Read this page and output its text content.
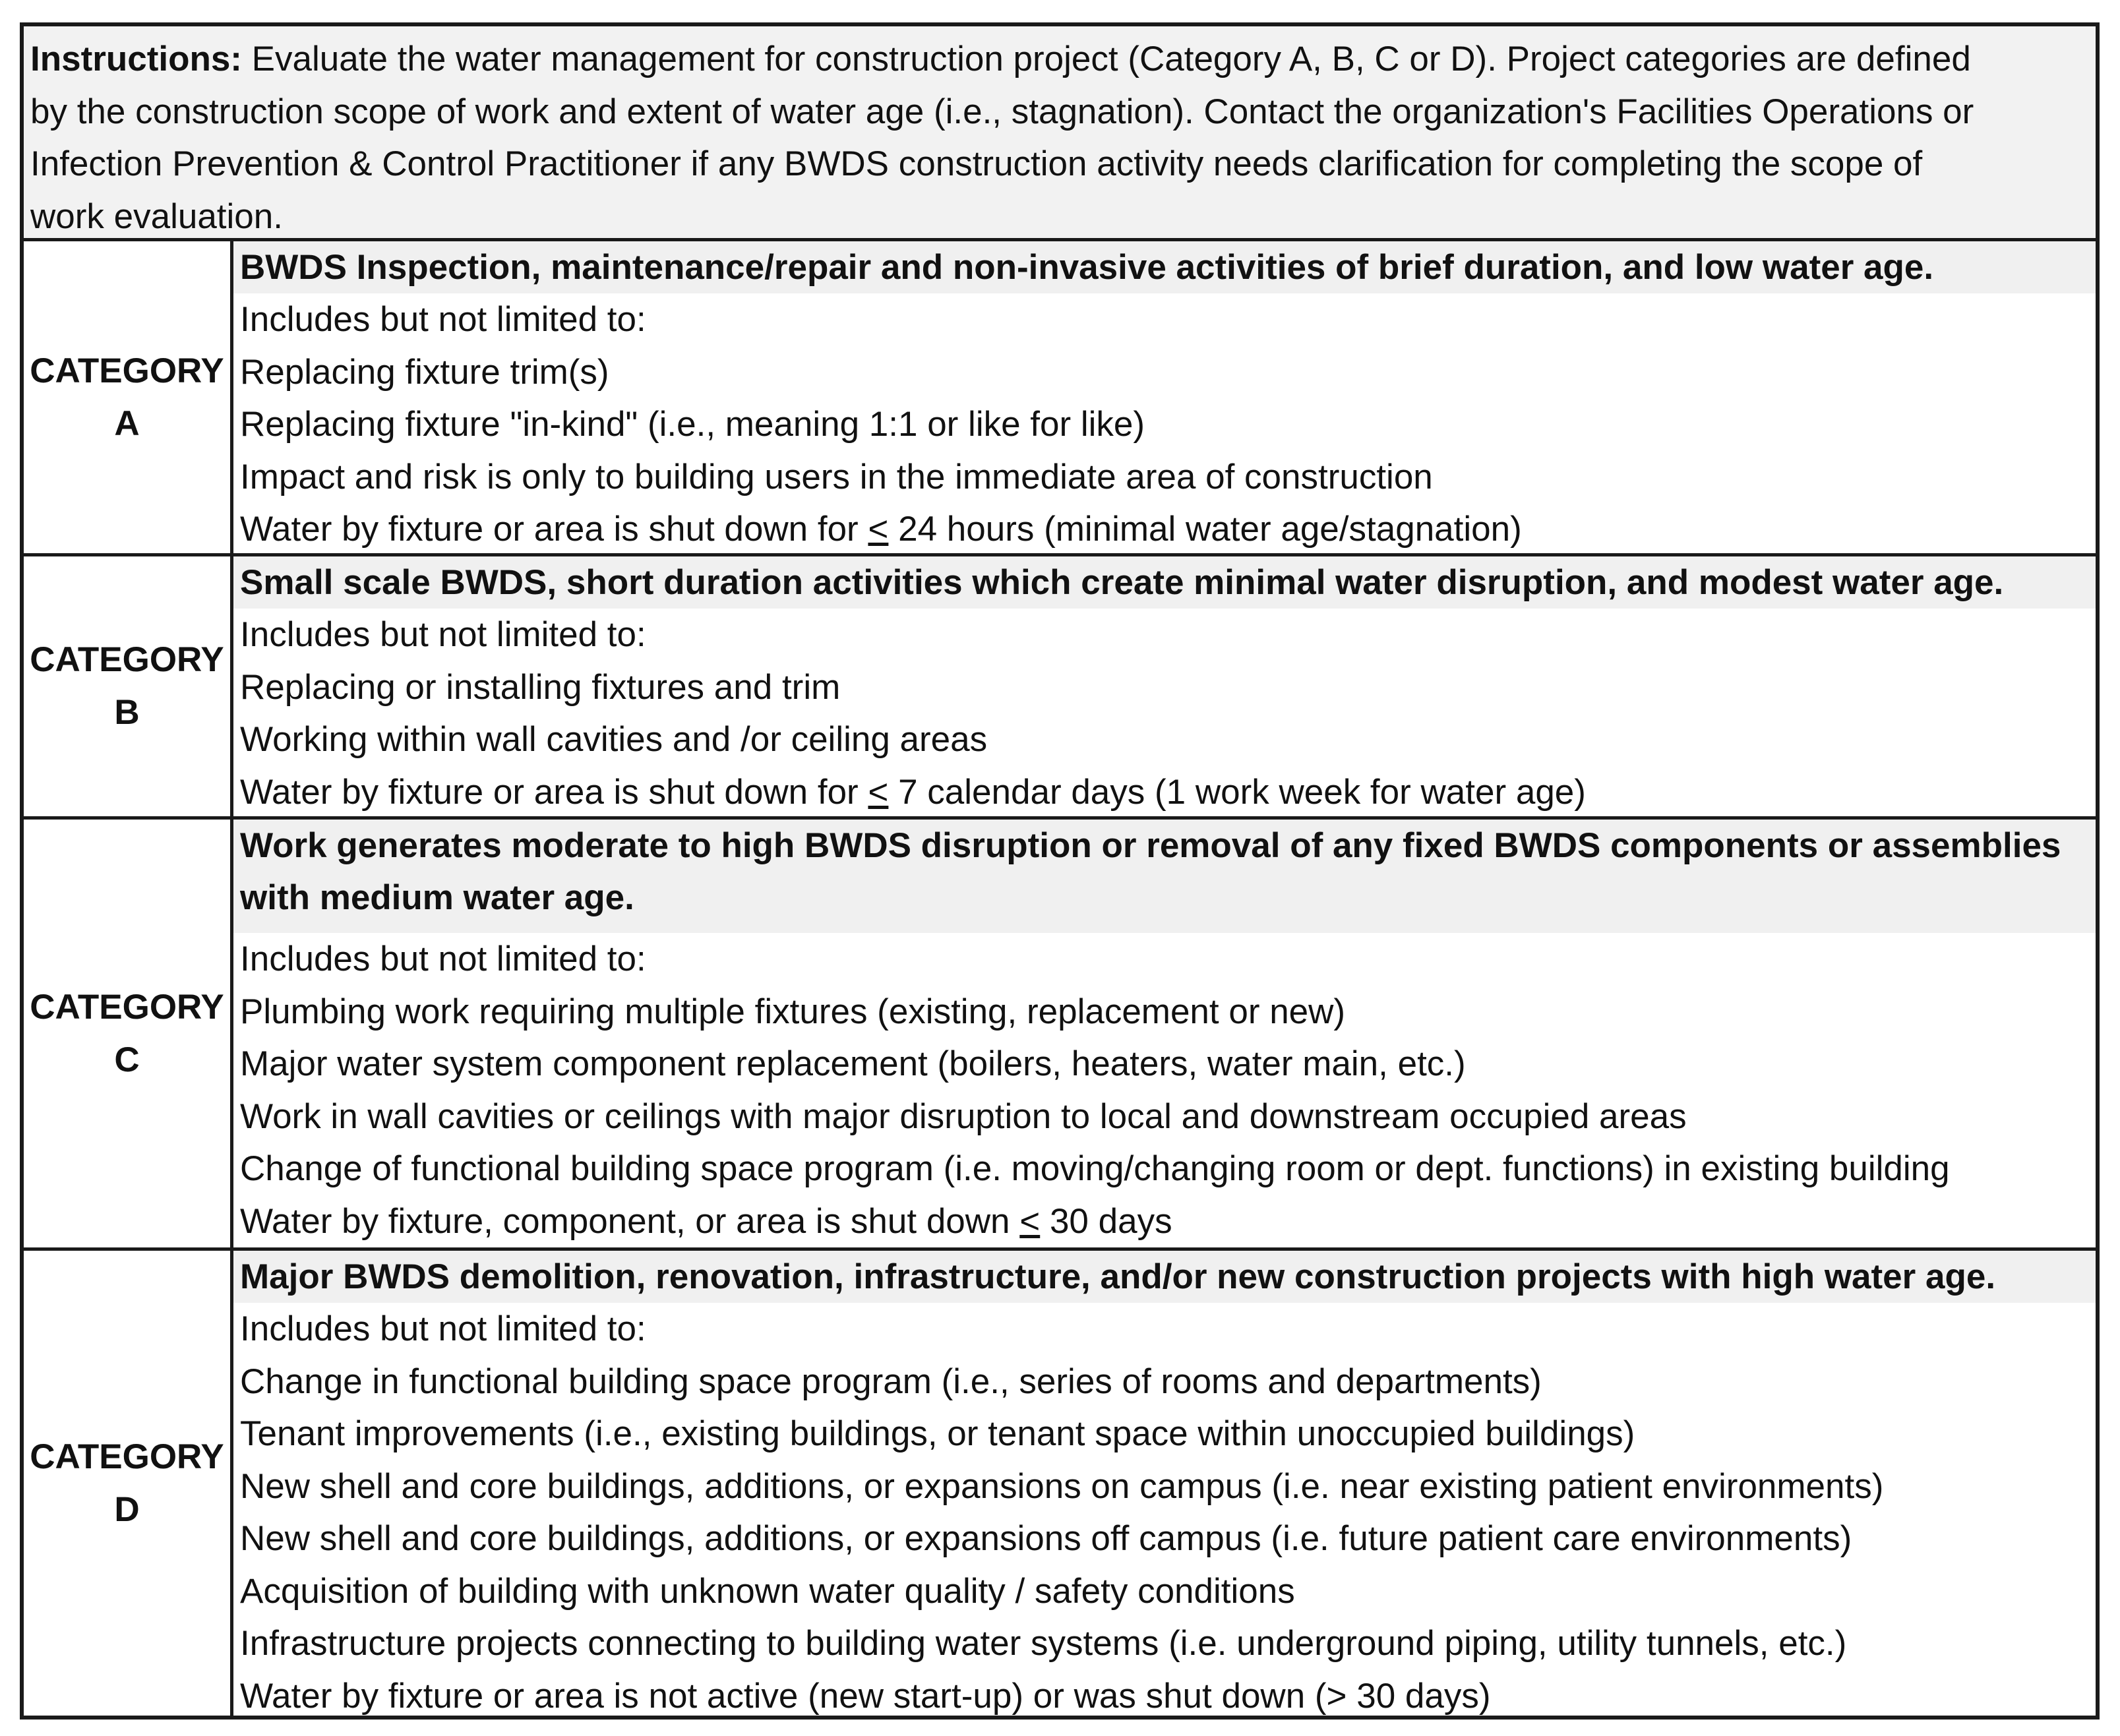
Instructions: Evaluate the water management for construction project (Category A, B, C or D). Project categories are defined
by the construction scope of work and extent of water age (i.e., stagnation). Contact the organization's Facilities Operations or
Infection Prevention & Control Practitioner if any BWDS construction activity needs clarification for completing the scope of
work evaluation.
CATEGORY
A
BWDS Inspection, maintenance/repair and non-invasive activities of brief duration, and low water age.
Includes but not limited to:
Replacing fixture trim(s)
Replacing fixture "in-kind" (i.e., meaning 1:1 or like for like)
Impact and risk is only to building users in the immediate area of construction
Water by fixture or area is shut down for ≤ 24 hours (minimal water age/stagnation)
CATEGORY
B
Small scale BWDS, short duration activities which create minimal water disruption, and modest water age.
Includes but not limited to:
Replacing or installing fixtures and trim
Working within wall cavities and /or ceiling areas
Water by fixture or area is shut down for ≤ 7 calendar days (1 work week for water age)
CATEGORY
C
Work generates moderate to high BWDS disruption or removal of any fixed BWDS components or assemblies
with medium water age.
Includes but not limited to:
Plumbing work requiring multiple fixtures (existing, replacement or new)
Major water system component replacement (boilers, heaters, water main, etc.)
Work in wall cavities or ceilings with major disruption to local and downstream occupied areas
Change of functional building space program (i.e. moving/changing room or dept. functions) in existing building
Water by fixture, component, or area is shut down ≤ 30 days
CATEGORY
D
Major BWDS demolition, renovation, infrastructure, and/or new construction projects with high water age.
Includes but not limited to:
Change in functional building space program (i.e., series of rooms and departments)
Tenant improvements (i.e., existing buildings, or tenant space within unoccupied buildings)
New shell and core buildings, additions, or expansions on campus (i.e. near existing patient environments)
New shell and core buildings, additions, or expansions off campus (i.e. future patient care environments)
Acquisition of building with unknown water quality / safety conditions
Infrastructure projects connecting to building water systems (i.e. underground piping, utility tunnels, etc.)
Water by fixture or area is not active (new start-up) or was shut down (> 30 days)
